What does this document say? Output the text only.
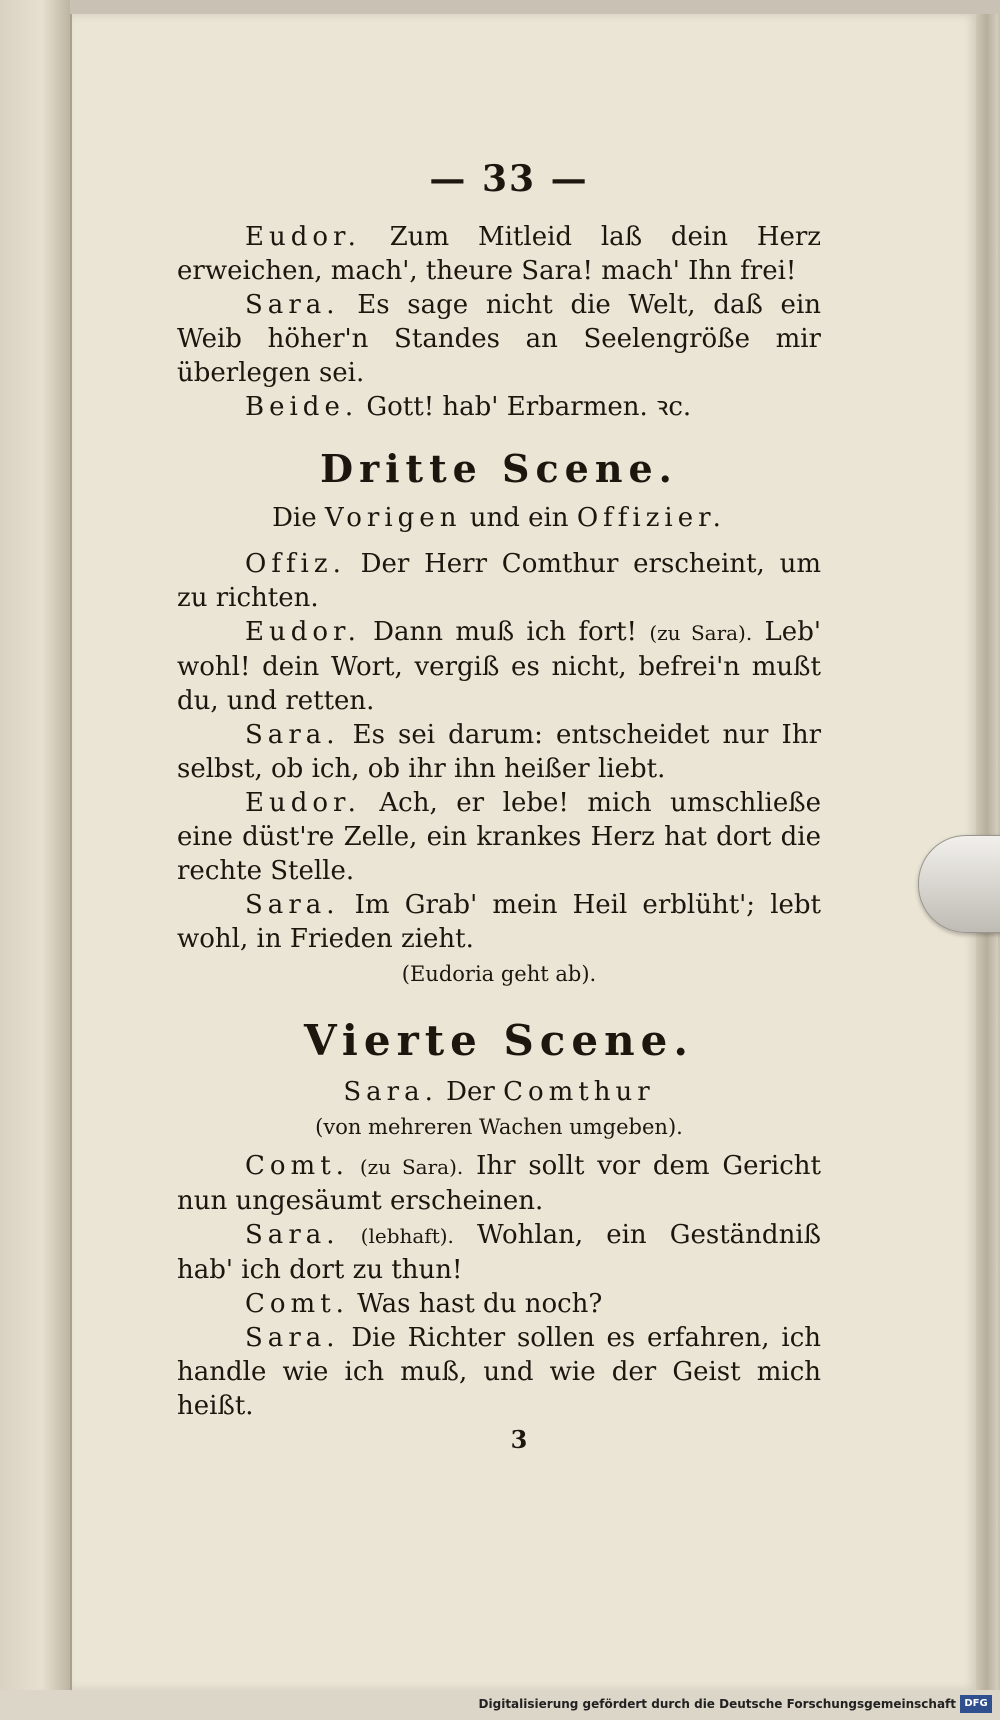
— 33 —

Eudor. Zum Mitleid laß dein Herz erweichen, mach', theure Sara! mach' Ihn frei!

Sara. Es sage nicht die Welt, daß ein Weib höher'n Standes an Seelengröße mir überlegen sei.

Beide. Gott! hab' Erbarmen. ꝛc.

Dritte Scene.
Die Vorigen und ein Offizier.

Offiz. Der Herr Comthur erscheint, um zu richten.

Eudor. Dann muß ich fort! (zu Sara). Leb' wohl! dein Wort, vergiß es nicht, befrei'n mußt du, und retten.

Sara. Es sei darum: entscheidet nur Ihr selbst, ob ich, ob ihr ihn heißer liebt.

Eudor. Ach, er lebe! mich umschließe eine düst're Zelle, ein krankes Herz hat dort die rechte Stelle.

Sara. Im Grab' mein Heil erblüht'; lebt wohl, in Frieden zieht.

(Eudoria geht ab).
Vierte Scene.
Sara. Der Comthur
(von mehreren Wachen umgeben).

Comt. (zu Sara). Ihr sollt vor dem Gericht nun ungesäumt erscheinen.

Sara. (lebhaft). Wohlan, ein Geständniß hab' ich dort zu thun!

Comt. Was hast du noch?

Sara. Die Richter sollen es erfahren, ich handle wie ich muß, und wie der Geist mich heißt.

3
Digitalisierung gefördert durch die Deutsche Forschungsgemeinschaft DFG
